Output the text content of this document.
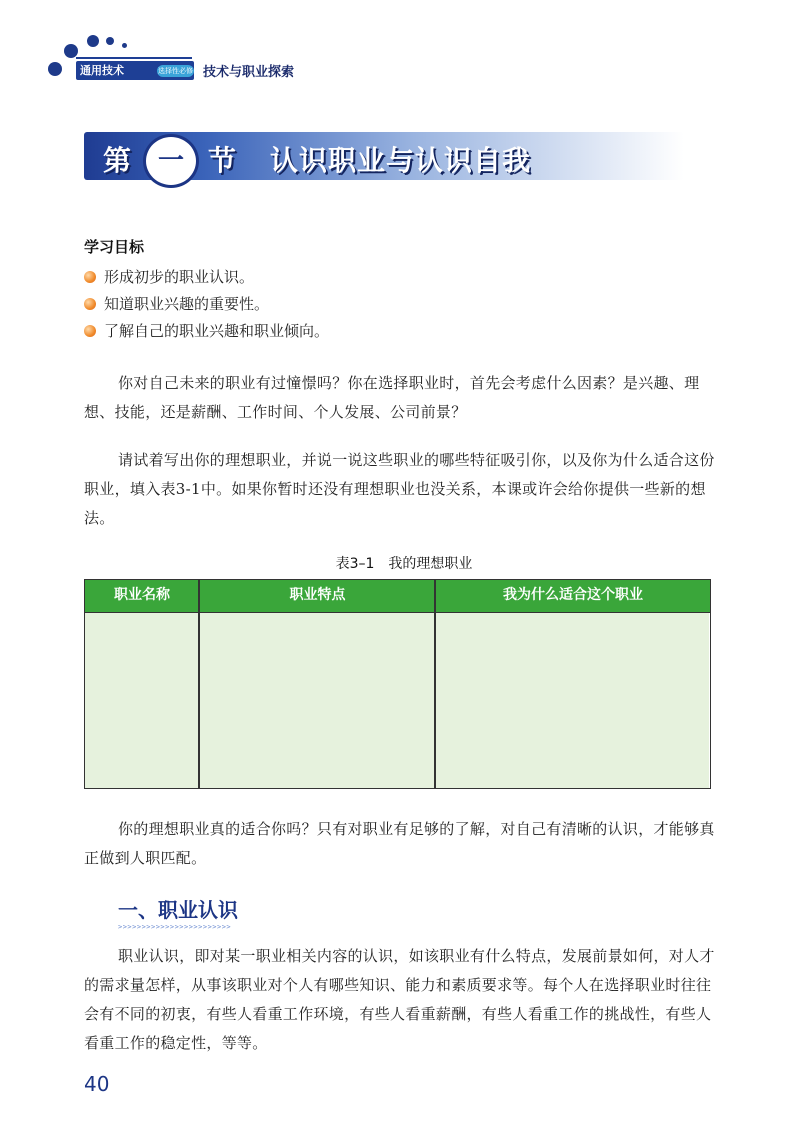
通用技术	选择性必修8
技术与职业探索
第 一 节 认识职业与认识自我
学习目标
形成初步的职业认识。
知道职业兴趣的重要性。
了解自己的职业兴趣和职业倾向。
你对自己未来的职业有过憧憬吗？你在选择职业时，首先会考虑什么因素？是兴趣、理想、技能，还是薪酬、工作时间、个人发展、公司前景？
请试着写出你的理想职业，并说一说这些职业的哪些特征吸引你，以及你为什么适合这份职业，填入表3-1中。如果你暂时还没有理想职业也没关系，本课或许会给你提供一些新的想法。
表3–1　我的理想职业
职业名称	职业特点	我为什么适合这个职业
你的理想职业真的适合你吗？只有对职业有足够的了解，对自己有清晰的认识，才能够真正做到人职匹配。
一、职业认识
>>>>>>>>>>>>>>>>>>>>>>>>
职业认识，即对某一职业相关内容的认识，如该职业有什么特点，发展前景如何，对人才的需求量怎样，从事该职业对个人有哪些知识、能力和素质要求等。每个人在选择职业时往往会有不同的初衷，有些人看重工作环境，有些人看重薪酬，有些人看重工作的挑战性，有些人看重工作的稳定性，等等。
40
